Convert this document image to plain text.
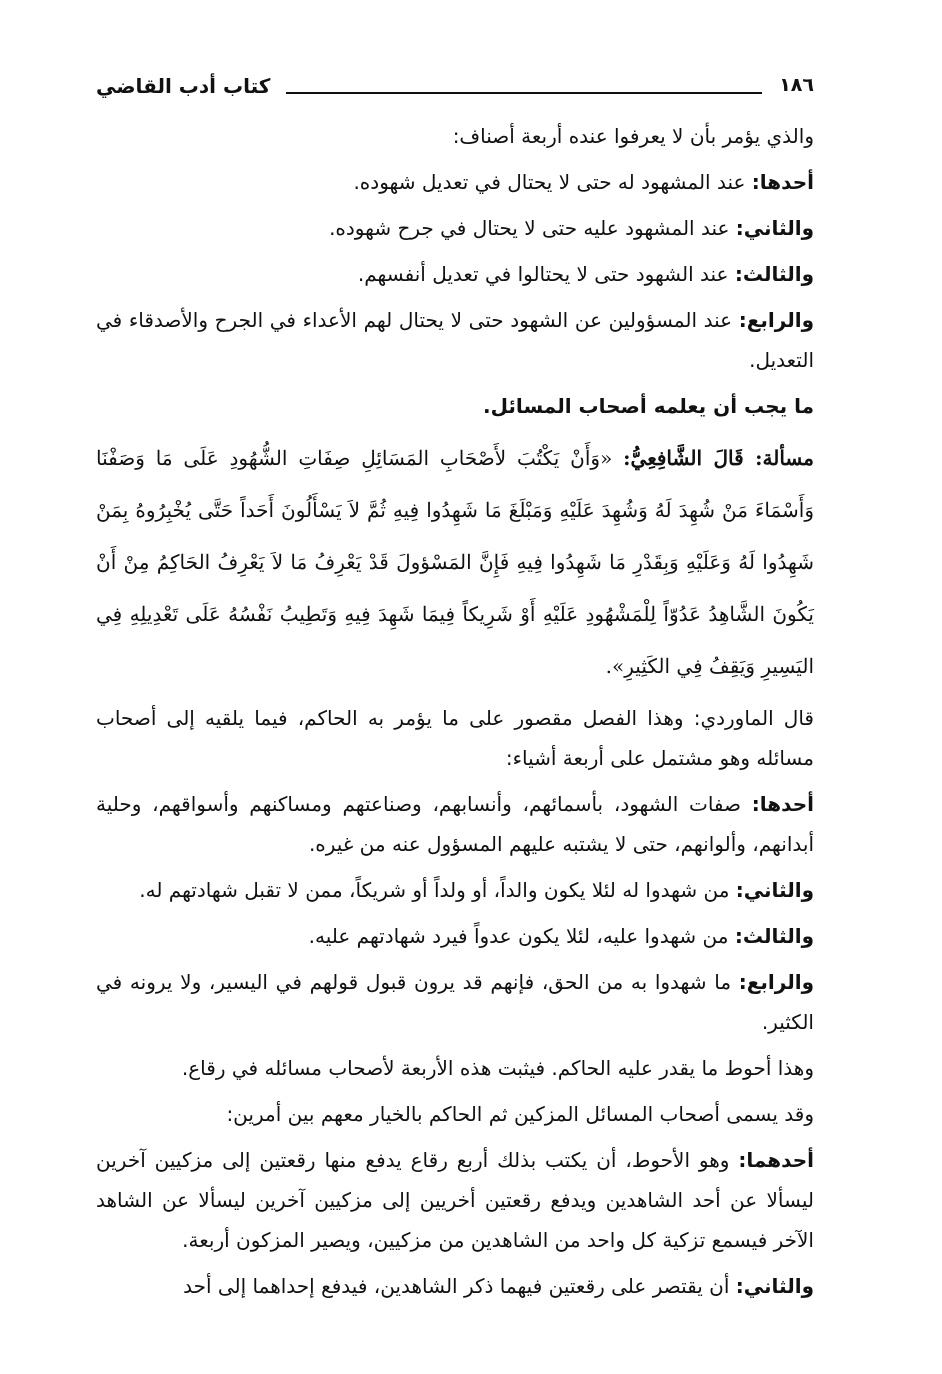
١٨٦
كتاب أدب القاضي

والذي يؤمر بأن لا يعرفوا عنده أربعة أصناف:

أحدها: عند المشهود له حتى لا يحتال في تعديل شهوده.

والثاني: عند المشهود عليه حتى لا يحتال في جرح شهوده.

والثالث: عند الشهود حتى لا يحتالوا في تعديل أنفسهم.

والرابع: عند المسؤولين عن الشهود حتى لا يحتال لهم الأعداء في الجرح والأصدقاء في التعديل.

ما يجب أن يعلمه أصحاب المسائل.

مسألة: قَالَ الشَّافِعِيُّ: «وَأَنْ يَكْتُبَ لأَصْحَابِ المَسَائِلِ صِفَاتِ الشُّهُودِ عَلَى مَا وَصَفْنَا وَأَسْمَاءَ مَنْ شُهِدَ لَهُ وَشُهِدَ عَلَيْهِ وَمَبْلَغَ مَا شَهِدُوا فِيهِ ثُمَّ لاَ يَسْأَلُونَ أَحَداً حَتَّى يُخْبِرُوهُ بِمَنْ شَهِدُوا لَهُ وَعَلَيْهِ وَبِقَدْرِ مَا شَهِدُوا فِيهِ فَإِنَّ المَسْؤولَ قَدْ يَعْرِفُ مَا لاَ يَعْرِفُ الحَاكِمُ مِنْ أَنْ يَكُونَ الشَّاهِدُ عَدُوّاً لِلْمَشْهُودِ عَلَيْهِ أَوْ شَرِيكاً فِيمَا شَهِدَ فِيهِ وَتَطِيبُ نَفْسُهُ عَلَى تَعْدِيلِهِ فِي اليَسِيرِ وَيَقِفُ فِي الكَثِيرِ».

قال الماوردي: وهذا الفصل مقصور على ما يؤمر به الحاكم، فيما يلقيه إلى أصحاب مسائله وهو مشتمل على أربعة أشياء:

أحدها: صفات الشهود، بأسمائهم، وأنسابهم، وصناعتهم ومساكنهم وأسواقهم، وحلية أبدانهم، وألوانهم، حتى لا يشتبه عليهم المسؤول عنه من غيره.

والثاني: من شهدوا له لئلا يكون والداً، أو ولداً أو شريكاً، ممن لا تقبل شهادتهم له.

والثالث: من شهدوا عليه، لئلا يكون عدواً فيرد شهادتهم عليه.

والرابع: ما شهدوا به من الحق، فإنهم قد يرون قبول قولهم في اليسير، ولا يرونه في الكثير.

وهذا أحوط ما يقدر عليه الحاكم. فيثبت هذه الأربعة لأصحاب مسائله في رقاع.

وقد يسمى أصحاب المسائل المزكين ثم الحاكم بالخيار معهم بين أمرين:

أحدهما: وهو الأحوط، أن يكتب بذلك أربع رقاع يدفع منها رقعتين إلى مزكيين آخرين ليسألا عن أحد الشاهدين ويدفع رقعتين أخريين إلى مزكيين آخرين ليسألا عن الشاهد الآخر فيسمع تزكية كل واحد من الشاهدين من مزكيين، ويصير المزكون أربعة.

والثاني: أن يقتصر على رقعتين فيهما ذكر الشاهدين، فيدفع إحداهما إلى أحد
